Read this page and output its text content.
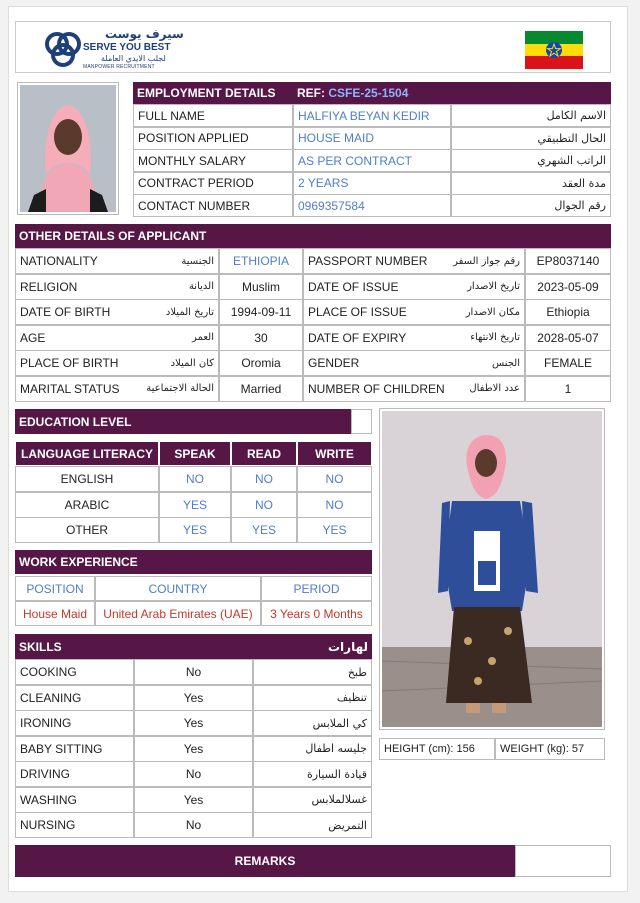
سيرف يوست
SERVE YOU BEST
لجلب الايدي العاملة
MANPOWER RECRUITMENT
EMPLOYMENT DETAILS	REF:
CSFE-25-1504
FULL NAME	HALFIYA BEYAN KEDIR	الاسم الكامل
POSITION APPLIED	HOUSE MAID	الحال التطبيقي
MONTHLY SALARY	AS PER CONTRACT	الراتب الشهري
CONTRACT PERIOD	2 YEARS	مدة العقد
CONTACT NUMBER	0969357584	رقم الجوال
OTHER DETAILS OF APPLICANT
NATIONALITY	الجنسية	ETHIOPIA	PASSPORT NUMBER	رقم جواز السفر	EP8037140
RELIGION	الديانة	Muslim	DATE OF ISSUE	تاريخ الاصدار	2023-05-09
DATE OF BIRTH	تاريخ الميلاد	1994-09-11	PLACE OF ISSUE	مكان الاصدار	Ethiopia
AGE	العمر	30	DATE OF EXPIRY	تاريخ الانتهاء	2028-05-07
PLACE OF BIRTH	كان الميلاد	Oromia	GENDER	الجنس	FEMALE
MARITAL STATUS	الحالة الاجتماعية	Married	NUMBER OF CHILDREN عدد الاطفال	1
EDUCATION LEVEL
LANGUAGE LITERACY	SPEAK	READ	WRITE
ENGLISH	NO	NO	NO
ARABIC	YES	NO	NO
OTHER	YES	YES	YES
HEIGHT (cm): 156	WEIGHT (kg): 57
WORK EXPERIENCE
POSITION	COUNTRY	PERIOD
House Maid	United Arab Emirates (UAE)	3 Years 0 Months
SKILLS	لهارات
COOKING	No	طبخ
CLEANING	Yes	تنظيف
IRONING	Yes	كي الملابس
BABY SITTING	Yes	جليسه اطفال
DRIVING	No	قيادة السيارة
WASHING	Yes	غسلالملابس
NURSING	No	التمريض
REMARKS
